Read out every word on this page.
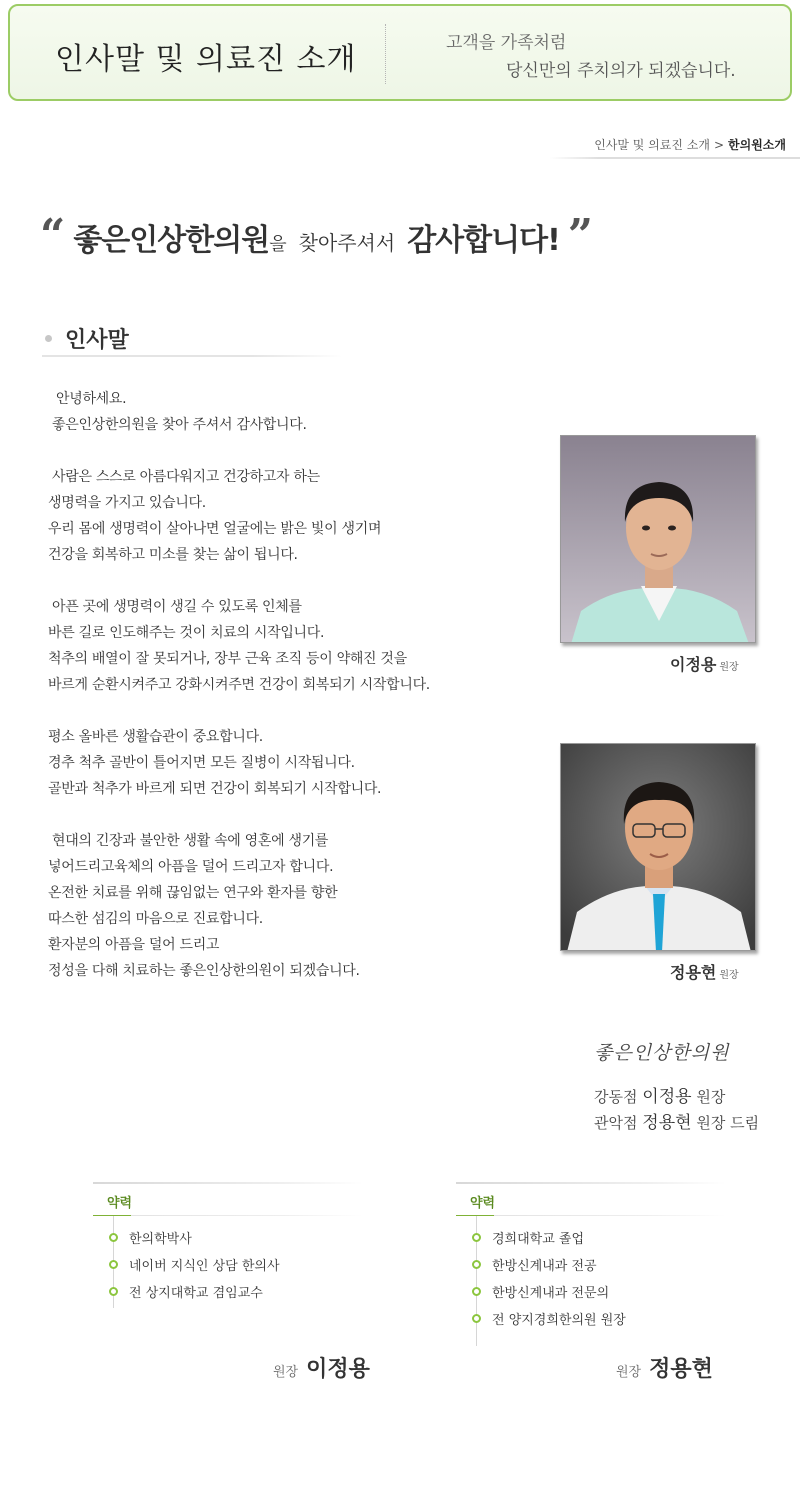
인사말 및 의료진 소개	고객을 가족처럼
당신만의 주치의가 되겠습니다.
인사말 및 의료진 소개 > 한의원소개
“ 좋은인상한의원 을 찾아주셔서 감사합니다! ”
인사말

안녕하세요.
좋은인상한의원을 찾아 주셔서 감사합니다.

사람은 스스로 아름다워지고 건강하고자 하는
생명력을 가지고 있습니다.
우리 몸에 생명력이 살아나면 얼굴에는 밝은 빛이 생기며
건강을 회복하고 미소를 찾는 삶이 됩니다.

아픈 곳에 생명력이 생길 수 있도록 인체를
바른 길로 인도해주는 것이 치료의 시작입니다.
척추의 배열이 잘 못되거나, 장부 근육 조직 등이 약해진 것을
바르게 순환시켜주고 강화시켜주면 건강이 회복되기 시작합니다.

평소 올바른 생활습관이 중요합니다.
경추 척추 골반이 틀어지면 모든 질병이 시작됩니다.
골반과 척추가 바르게 되면 건강이 회복되기 시작합니다.

현대의 긴장과 불안한 생활 속에 영혼에 생기를
넣어드리고육체의 아픔을 덜어 드리고자 합니다.
온전한 치료를 위해 끊임없는 연구와 환자를 향한
따스한 섬김의 마음으로 진료합니다.
환자분의 아픔을 덜어 드리고
정성을 다해 치료하는 좋은인상한의원이 되겠습니다.

이정용 원장
정용현 원장
좋은인상한의원
강동점 이정용 원장
관악점 정용현 원장 드림
약력
한의학박사
네이버 지식인 상담 한의사
전 상지대학교 겸임교수
원장 이정용
약력
경희대학교 졸업
한방신계내과 전공
한방신계내과 전문의
전 양지경희한의원 원장
원장 정용현
